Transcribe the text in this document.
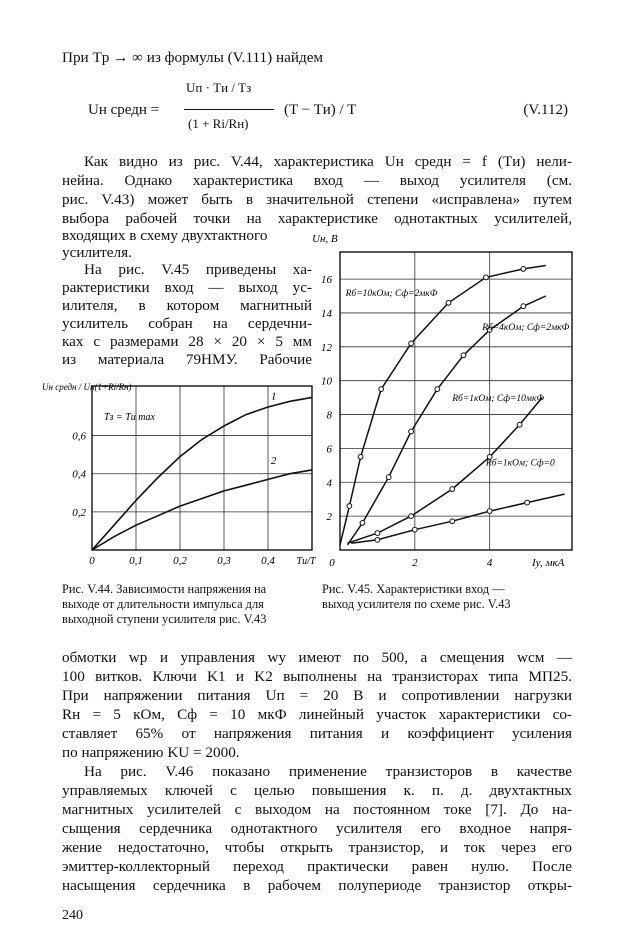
При Tр → ∞ из формулы (V.111) найдем
Uн средн =
Uп · Tи / Tз
(1 + Ri/Rн)
(T − Tи) / T	(V.112)
Как видно из рис. V.44, характеристика Uн средн = f (Tи) нели-
нейна. Однако характеристика вход — выход усилителя (см.
рис. V.43) может быть в значительной степени «исправлена» путем
выбора рабочей точки на характеристике однотактных усилителей,
входящих в схему двухтактного
усилителя.
На рис. V.45 приведены ха-
рактеристики вход — выход ус-
илителя, в котором магнитный
усилитель собран на сердечни-
ках с размерами 28 × 20 × 5 мм
из материала 79НМУ. Рабочие
0	0,1	0,2	0,3	0,4
0,2
0,4
0,6
Tи/T
Uн средн / Uп(1+Ri/Rн)
Tз = Tи max
1
2
0	2	4
2
4
6
8
10
12
14
16
Iу, мкА
Uн, В
Rб=10кОм; Cф=2мкФ
Rб=4кОм; Cф=2мкФ
Rб=1кОм; Cф=10мкФ
Rб=1кОм; Cф=0
Рис. V.44. Зависимости напряжения на
выходе от длительности импульса для
выходной ступени усилителя рис. V.43
Рис. V.45. Характеристики вход —
выход усилителя по схеме рис. V.43
обмотки wр и управления wу имеют по 500, а смещения wсм —
100 витков. Ключи K1 и K2 выполнены на транзисторах типа МП25.
При напряжении питания Uп = 20 В и сопротивлении нагрузки
Rн = 5 кОм, Cф = 10 мкФ линейный участок характеристики со-
ставляет 65% от напряжения питания и коэффициент усиления
по напряжению KU = 2000.
На рис. V.46 показано применение транзисторов в качестве
управляемых ключей с целью повышения к. п. д. двухтактных
магнитных усилителей с выходом на постоянном токе [7]. До на-
сыщения сердечника однотактного усилителя его входное напря-
жение недостаточно, чтобы открыть транзистор, и ток через его
эмиттер-коллекторный переход практически равен нулю. После
насыщения сердечника в рабочем полупериоде транзистор откры-
240
